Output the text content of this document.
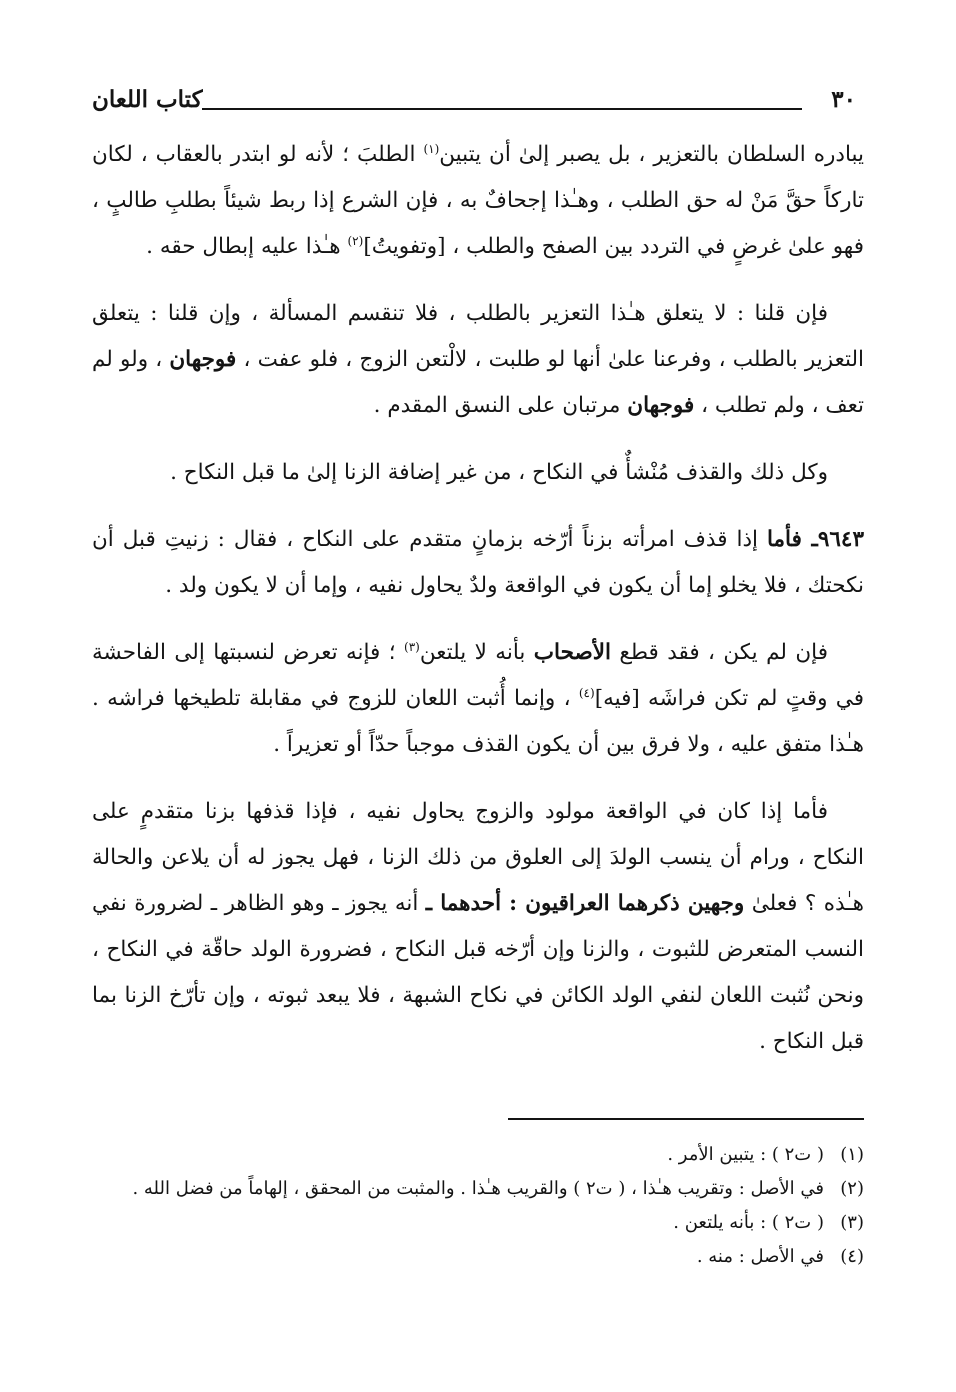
٣٠
كتاب اللعان

يبادره السلطان بالتعزير ، بل يصبر إلىٰ أن يتبين$^{(١)}$ الطلبَ ؛ لأنه لو ابتدر بالعقاب ، لكان تاركاً حقَّ مَنْ له حق الطلب ، وهـٰذا إجحافٌ به ، فإن الشرع إذا ربط شيئاً بطلبِ طالبٍ ، فهو علىٰ غرضٍ في التردد بين الصفح والطلب ، [وتفويتُ]$^{(٢)}$ هـٰذا عليه إبطال حقه .

فإن قلنا : لا يتعلق هـٰذا التعزير بالطلب ، فلا تنقسم المسألة ، وإن قلنا : يتعلق التعزير بالطلب ، وفرعنا علىٰ أنها لو طلبت ، لالْتعن الزوج ، فلو عفت ، فوجهان ، ولو لم تعف ، ولم تطلب ، فوجهان مرتبان على النسق المقدم .

وكل ذلك والقذف مُنْشأٌ في النكاح ، من غير إضافة الزنا إلىٰ ما قبل النكاح .

٩٦٤٣ـ فأما إذا قذف امرأته بزناً أرّخه بزمانٍ متقدم على النكاح ، فقال : زنيتِ قبل أن نكحتك ، فلا يخلو إما أن يكون في الواقعة ولدٌ يحاول نفيه ، وإما أن لا يكون ولد .

فإن لم يكن ، فقد قطع الأصحاب بأنه لا يلتعن$^{(٣)}$ ؛ فإنه تعرض لنسبتها إلى الفاحشة في وقتٍ لم تكن فراشَه [فيه]$^{(٤)}$ ، وإنما أُثبت اللعان للزوج في مقابلة تلطيخها فراشه . هـٰذا متفق عليه ، ولا فرق بين أن يكون القذف موجباً حدّاً أو تعزيراً .

فأما إذا كان في الواقعة مولود والزوج يحاول نفيه ، فإذا قذفها بزنا متقدمٍ على النكاح ، ورام أن ينسب الولدَ إلى العلوق من ذلك الزنا ، فهل يجوز له أن يلاعن والحالة هـٰذه ؟ فعلىٰ وجهين ذكرهما العراقيون : أحدهما ـ أنه يجوز ـ وهو الظاهر ـ لضرورة نفي النسب المتعرض للثبوت ، والزنا وإن أرّخه قبل النكاح ، فضرورة الولد حاقّة في النكاح ، ونحن نُثبت اللعان لنفي الولد الكائن في نكاح الشبهة ، فلا يبعد ثبوته ، وإن تأرّخ الزنا بما قبل النكاح .

(١)
( ت٢ ) : يتبين الأمر .
(٢)
في الأصل : وتقريب هـٰذا ، ( ت٢ ) والقريب هـٰذا . والمثبت من المحقق ، إلهاماً من فضل الله .
(٣)
( ت٢ ) : بأنه يلتعن .
(٤)
في الأصل : منه .
